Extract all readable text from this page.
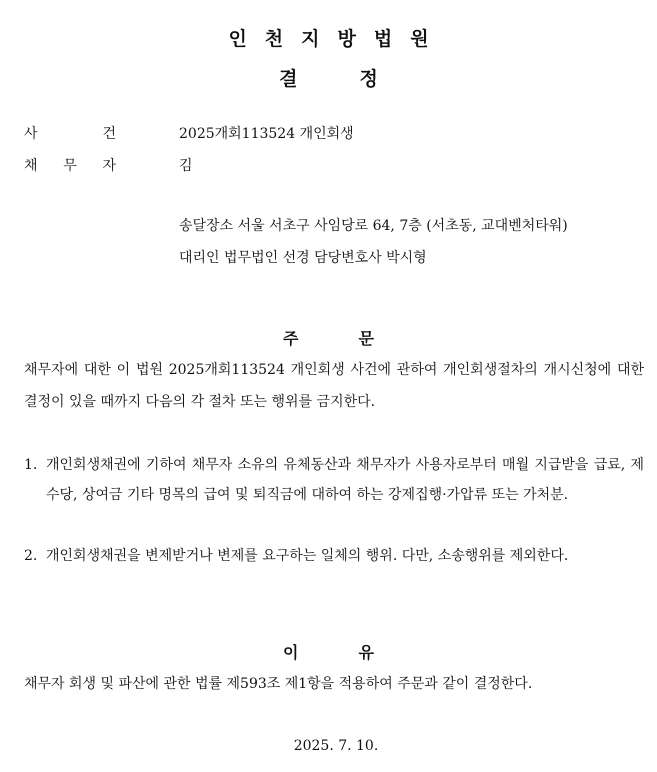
인천지방법원
결	정
사	건	2025개회113524 개인회생
채 무 자	김
송달장소 서울 서초구 사임당로 64, 7층 (서초동, 교대벤처타워)
대리인 법무법인 선경 담당변호사 박시형
주	문
채무자에 대한 이 법원 2025개회113524 개인회생 사건에 관하여 개인회생절차의 개시신청에 대한 결정이 있을 때까지 다음의 각 절차 또는 행위를 금지한다.
1. 개인회생채권에 기하여 채무자 소유의 유체동산과 채무자가 사용자로부터 매월 지급받을 급료, 제수당, 상여금 기타 명목의 급여 및 퇴직금에 대하여 하는 강제집행·가압류 또는 가처분.
2. 개인회생채권을 변제받거나 변제를 요구하는 일체의 행위. 다만, 소송행위를 제외한다.
이	유
채무자 회생 및 파산에 관한 법률 제593조 제1항을 적용하여 주문과 같이 결정한다.
2025. 7. 10.
